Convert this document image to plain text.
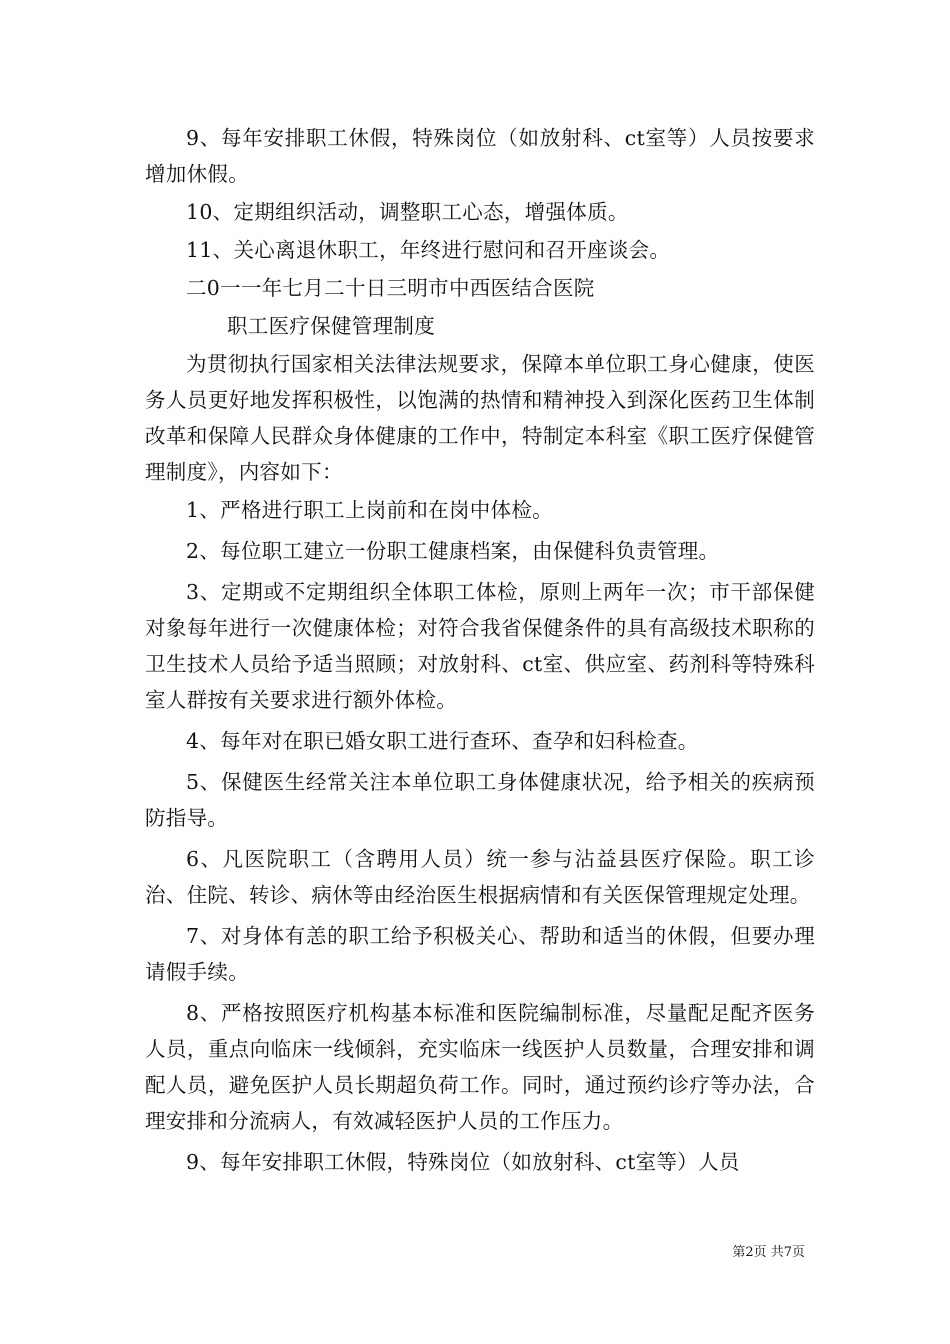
9、每年安排职工休假，特殊岗位（如放射科、ct室等）人员按要求增加休假。

10、定期组织活动，调整职工心态，增强体质。

11、关心离退休职工，年终进行慰问和召开座谈会。

二0一一年七月二十日三明市中西医结合医院

职工医疗保健管理制度

为贯彻执行国家相关法律法规要求，保障本单位职工身心健康，使医务人员更好地发挥积极性，以饱满的热情和精神投入到深化医药卫生体制改革和保障人民群众身体健康的工作中，特制定本科室《职工医疗保健管理制度》，内容如下：

1、严格进行职工上岗前和在岗中体检。

2、每位职工建立一份职工健康档案，由保健科负责管理。

3、定期或不定期组织全体职工体检，原则上两年一次；市干部保健对象每年进行一次健康体检；对符合我省保健条件的具有高级技术职称的卫生技术人员给予适当照顾；对放射科、ct室、供应室、药剂科等特殊科室人群按有关要求进行额外体检。

4、每年对在职已婚女职工进行查环、查孕和妇科检查。

5、保健医生经常关注本单位职工身体健康状况，给予相关的疾病预防指导。

6、凡医院职工（含聘用人员）统一参与沾益县医疗保险。职工诊治、住院、转诊、病休等由经治医生根据病情和有关医保管理规定处理。

7、对身体有恙的职工给予积极关心、帮助和适当的休假，但要办理请假手续。

8、严格按照医疗机构基本标准和医院编制标准，尽量配足配齐医务人员，重点向临床一线倾斜，充实临床一线医护人员数量，合理安排和调配人员，避免医护人员长期超负荷工作。同时，通过预约诊疗等办法，合理安排和分流病人，有效减轻医护人员的工作压力。

9、每年安排职工休假，特殊岗位（如放射科、ct室等）人员

第2页 共7页
